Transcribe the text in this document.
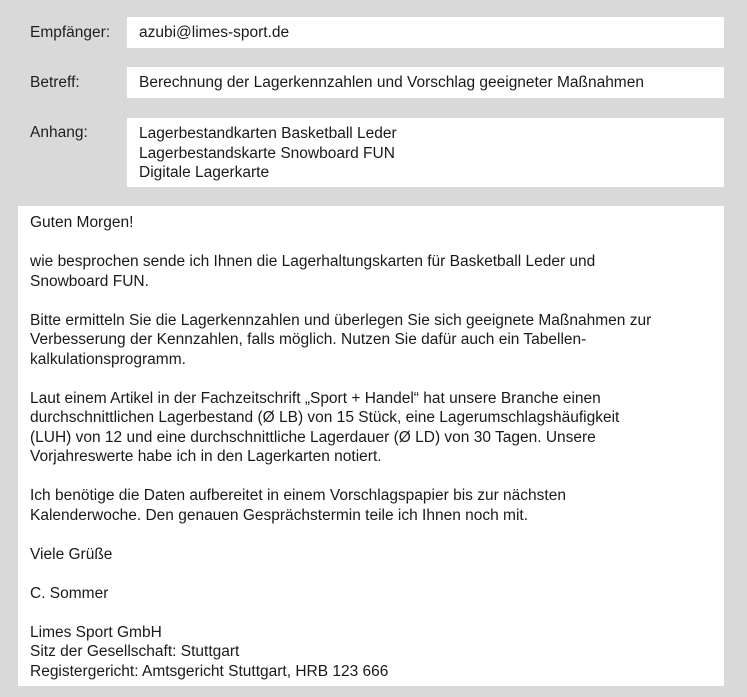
Empfänger:	azubi@limes-sport.de
Betreff:	Berechnung der Lagerkennzahlen und Vorschlag geeigneter Maßnahmen
Anhang:	Lagerbestandkarten Basketball Leder
Lagerbestandskarte Snowboard FUN
Digitale Lagerkarte
Guten Morgen!
wie besprochen sende ich Ihnen die Lagerhaltungskarten für Basketball Leder und
Snowboard FUN.
Bitte ermitteln Sie die Lagerkennzahlen und überlegen Sie sich geeignete Maßnahmen zur
Verbesserung der Kennzahlen, falls möglich. Nutzen Sie dafür auch ein Tabellen-
kalkulationsprogramm.
Laut einem Artikel in der Fachzeitschrift „Sport + Handel“ hat unsere Branche einen
durchschnittlichen Lagerbestand (Ø LB) von 15 Stück, eine Lagerumschlagshäufigkeit
(LUH) von 12 und eine durchschnittliche Lagerdauer (Ø LD) von 30 Tagen. Unsere
Vorjahreswerte habe ich in den Lagerkarten notiert.
Ich benötige die Daten aufbereitet in einem Vorschlagspapier bis zur nächsten
Kalenderwoche. Den genauen Gesprächstermin teile ich Ihnen noch mit.
Viele Grüße
C. Sommer
Limes Sport GmbH
Sitz der Gesellschaft: Stuttgart
Registergericht: Amtsgericht Stuttgart, HRB 123 666
